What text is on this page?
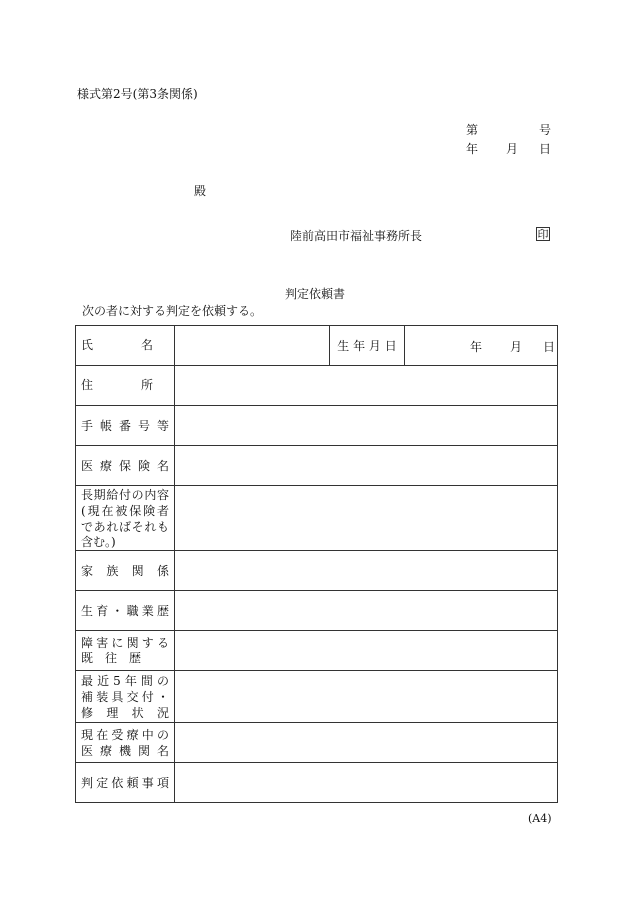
様式第2号(第3条関係)
第	号
年 月 日
殿
陸前高田市福祉事務所長	印
判定依頼書
次の者に対する判定を依頼する。
氏　　　　名		生 年 月 日	年 月 日

住　　　　所			

手帳番号等			

医療保険名			

長期給付の内容
(現在被保険者
であればそれも
含む。)			

家族関係			

生育・職業歴			

障害に関する
既　往　歴			

最近5年間の
補装具交付・
修理状況			

現在受療中の
医療機関名			

判定依頼事項			

(A4)
